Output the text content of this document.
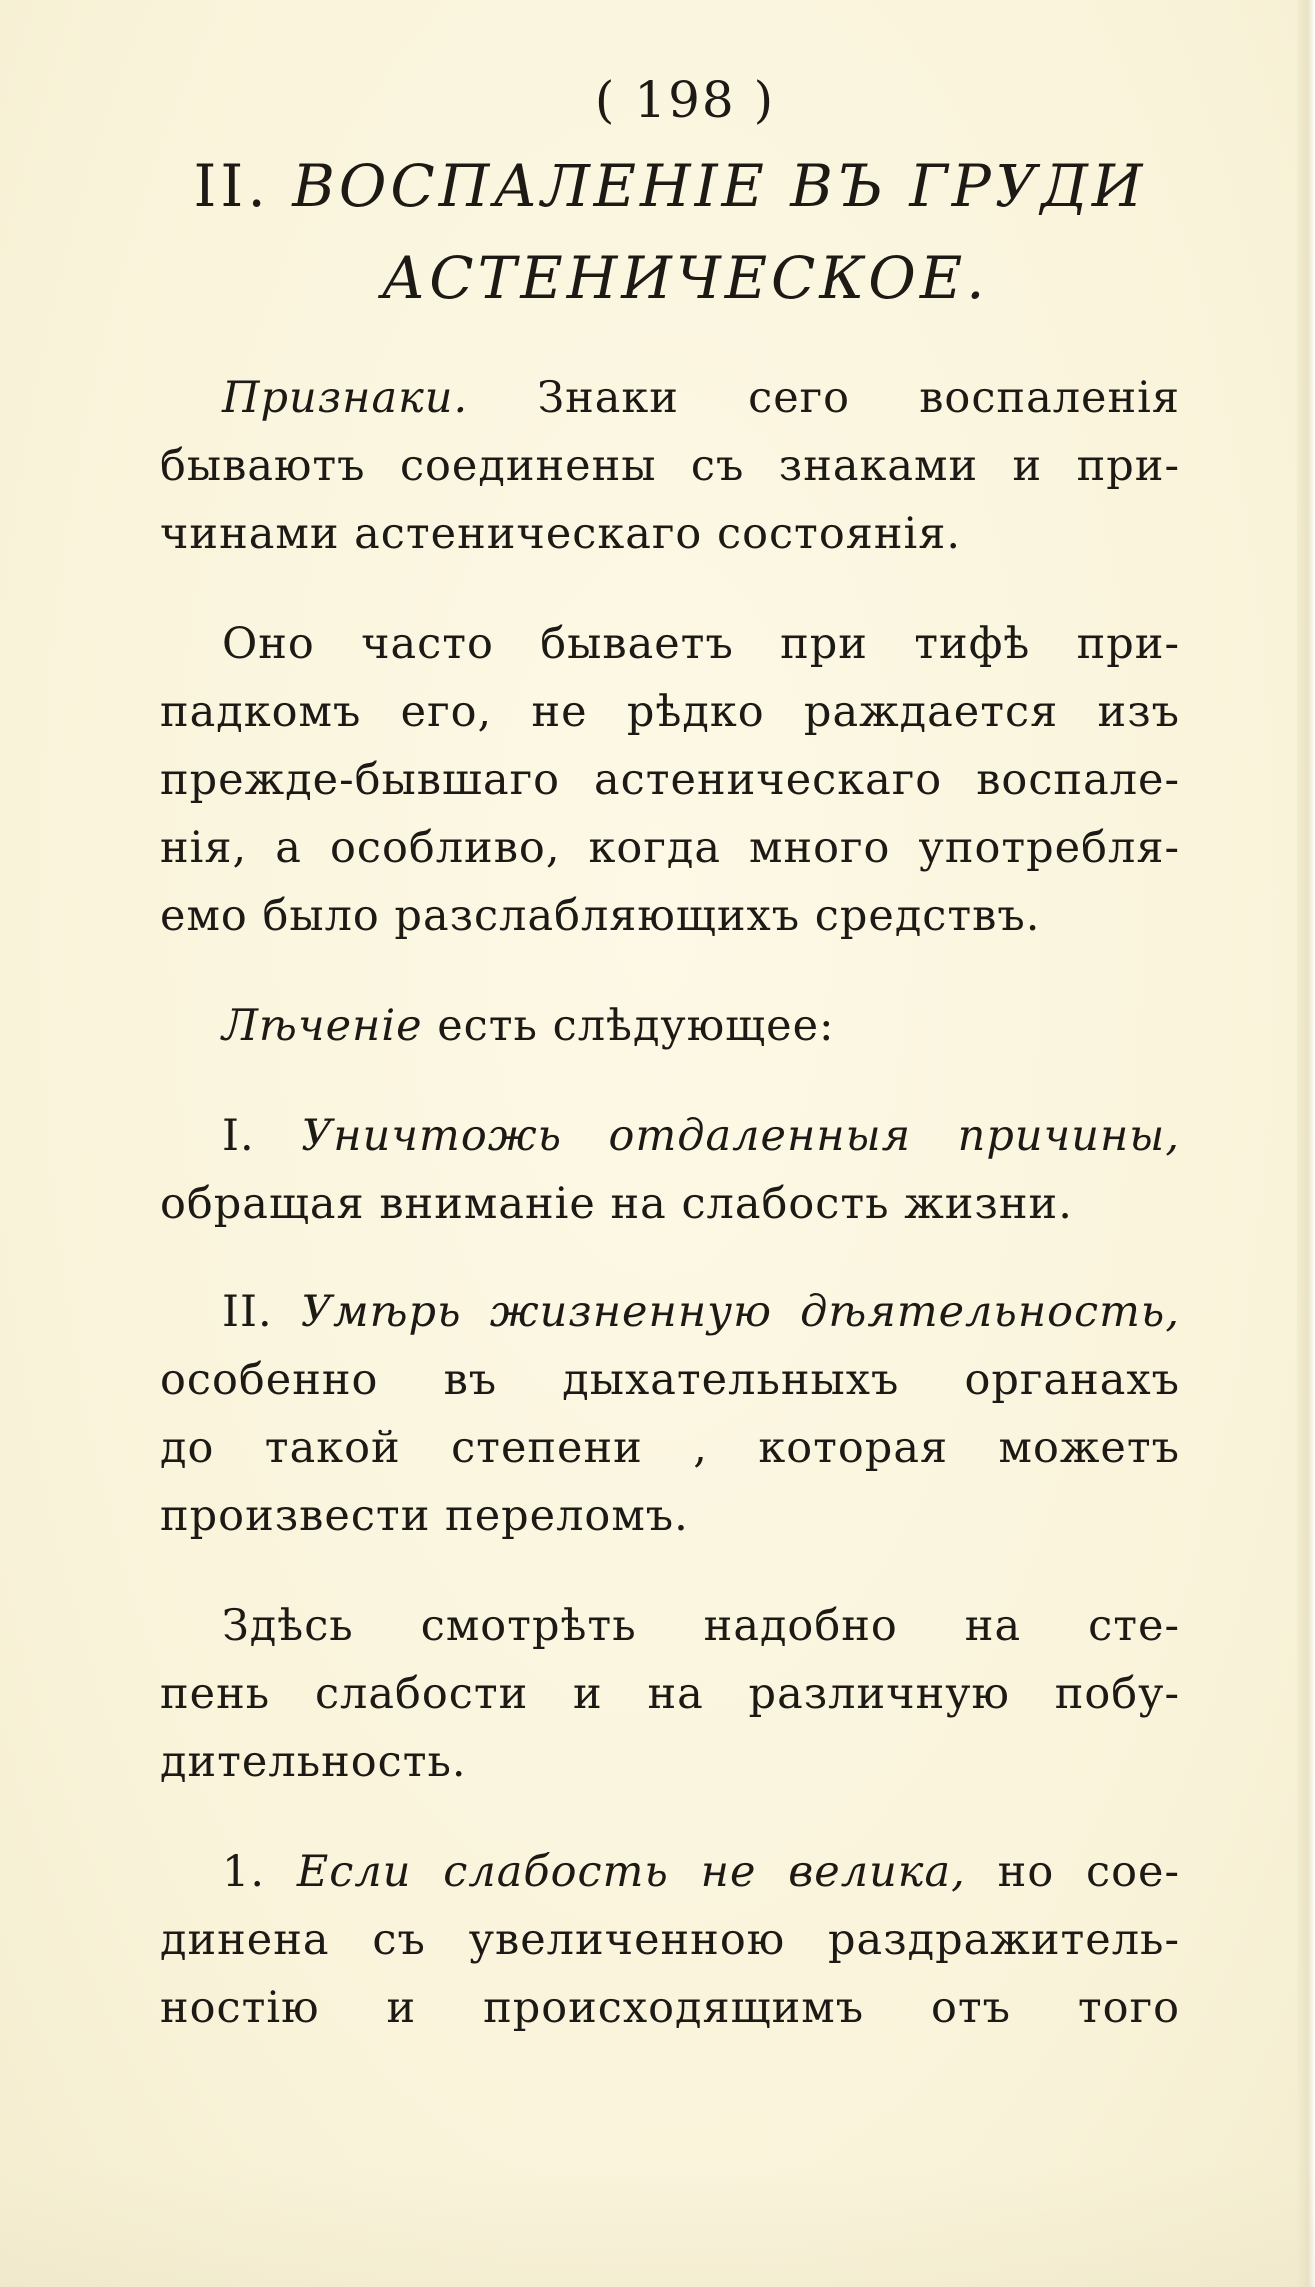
( 198 )
II. ВОСПАЛЕНІЕ ВЪ ГРУДИ
АСТЕНИЧЕСКОЕ.
Признаки. Знаки сего воспаленія
бываютъ соединены съ знаками и при-
чинами астеническаго состоянія.
Оно часто бываетъ при тифѣ при-
падкомъ его, не рѣдко раждается изъ
прежде-бывшаго астеническаго воспале-
нія, а особливо, когда много употребля-
емо было разслабляющихъ средствъ.
Лѣченіе есть слѣдующее:
I. Уничтожь отдаленныя причины,
обращая вниманіе на слабость жизни.
II. Умѣрь жизненную дѣятельность,
особенно въ дыхательныхъ органахъ
до такой степени , которая можетъ
произвести переломъ.
Здѣсь смотрѣть надобно на сте-
пень слабости и на различную побу-
дительность.
1. Если слабость не велика, но сое-
динена съ увеличенною раздражитель-
ностію и происходящимъ отъ того
